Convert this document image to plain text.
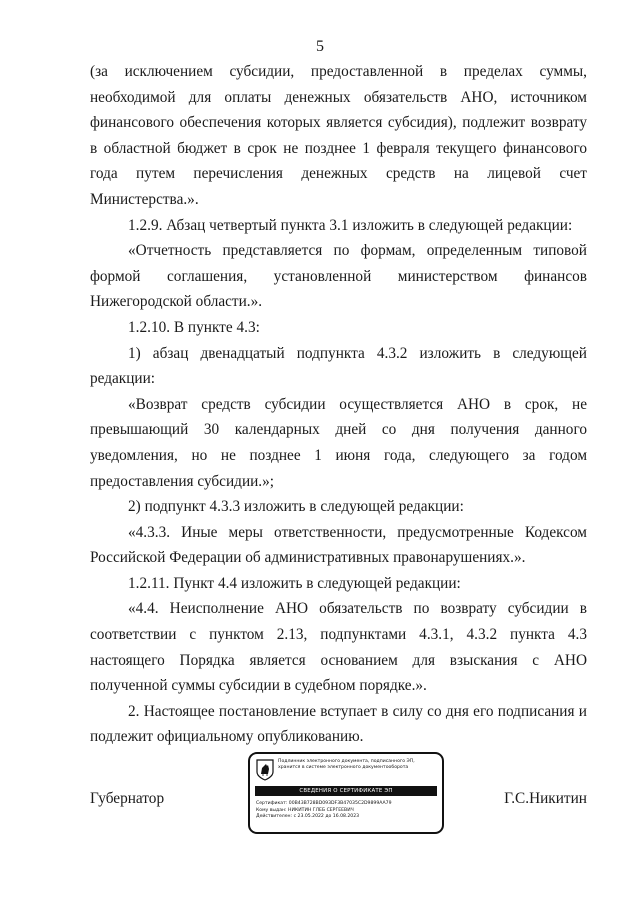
5

(за исключением субсидии, предоставленной в пределах суммы, необходимой для оплаты денежных обязательств АНО, источником финансового обеспечения которых является субсидия), подлежит возврату в областной бюджет в срок не позднее 1 февраля текущего финансового года путем перечисления денежных средств на лицевой счет Министерства.».

1.2.9. Абзац четвертый пункта 3.1 изложить в следующей редакции:

«Отчетность представляется по формам, определенным типовой формой соглашения, установленной министерством финансов Нижегородской области.».

1.2.10. В пункте 4.3:

1) абзац двенадцатый подпункта 4.3.2 изложить в следующей редакции:

«Возврат средств субсидии осуществляется АНО в срок, не превышающий 30 календарных дней со дня получения данного уведомления, но не позднее 1 июня года, следующего за годом предоставления субсидии.»;

2) подпункт 4.3.3 изложить в следующей редакции:

«4.3.3. Иные меры ответственности, предусмотренные Кодексом Российской Федерации об административных правонарушениях.».

1.2.11. Пункт 4.4 изложить в следующей редакции:

«4.4. Неисполнение АНО обязательств по возврату субсидии в соответствии с пунктом 2.13, подпунктами 4.3.1, 4.3.2 пункта 4.3 настоящего Порядка является основанием для взыскания с АНО полученной суммы субсидии в судебном порядке.».

2. Настоящее постановление вступает в силу со дня его подписания и подлежит официальному опубликованию.

Губернатор
Подлинник электронного документа, подписанного ЭП,
хранится в системе электронного документооборота
СВЕДЕНИЯ О СЕРТИФИКАТЕ ЭП
Сертификат: 00B43B728BD093DF3B47035C2D9899AA79
Кому выдан: НИКИТИН ГЛЕБ СЕРГЕЕВИЧ
Действителен: с 23.05.2022 до 16.08.2023
Г.С.Никитин
